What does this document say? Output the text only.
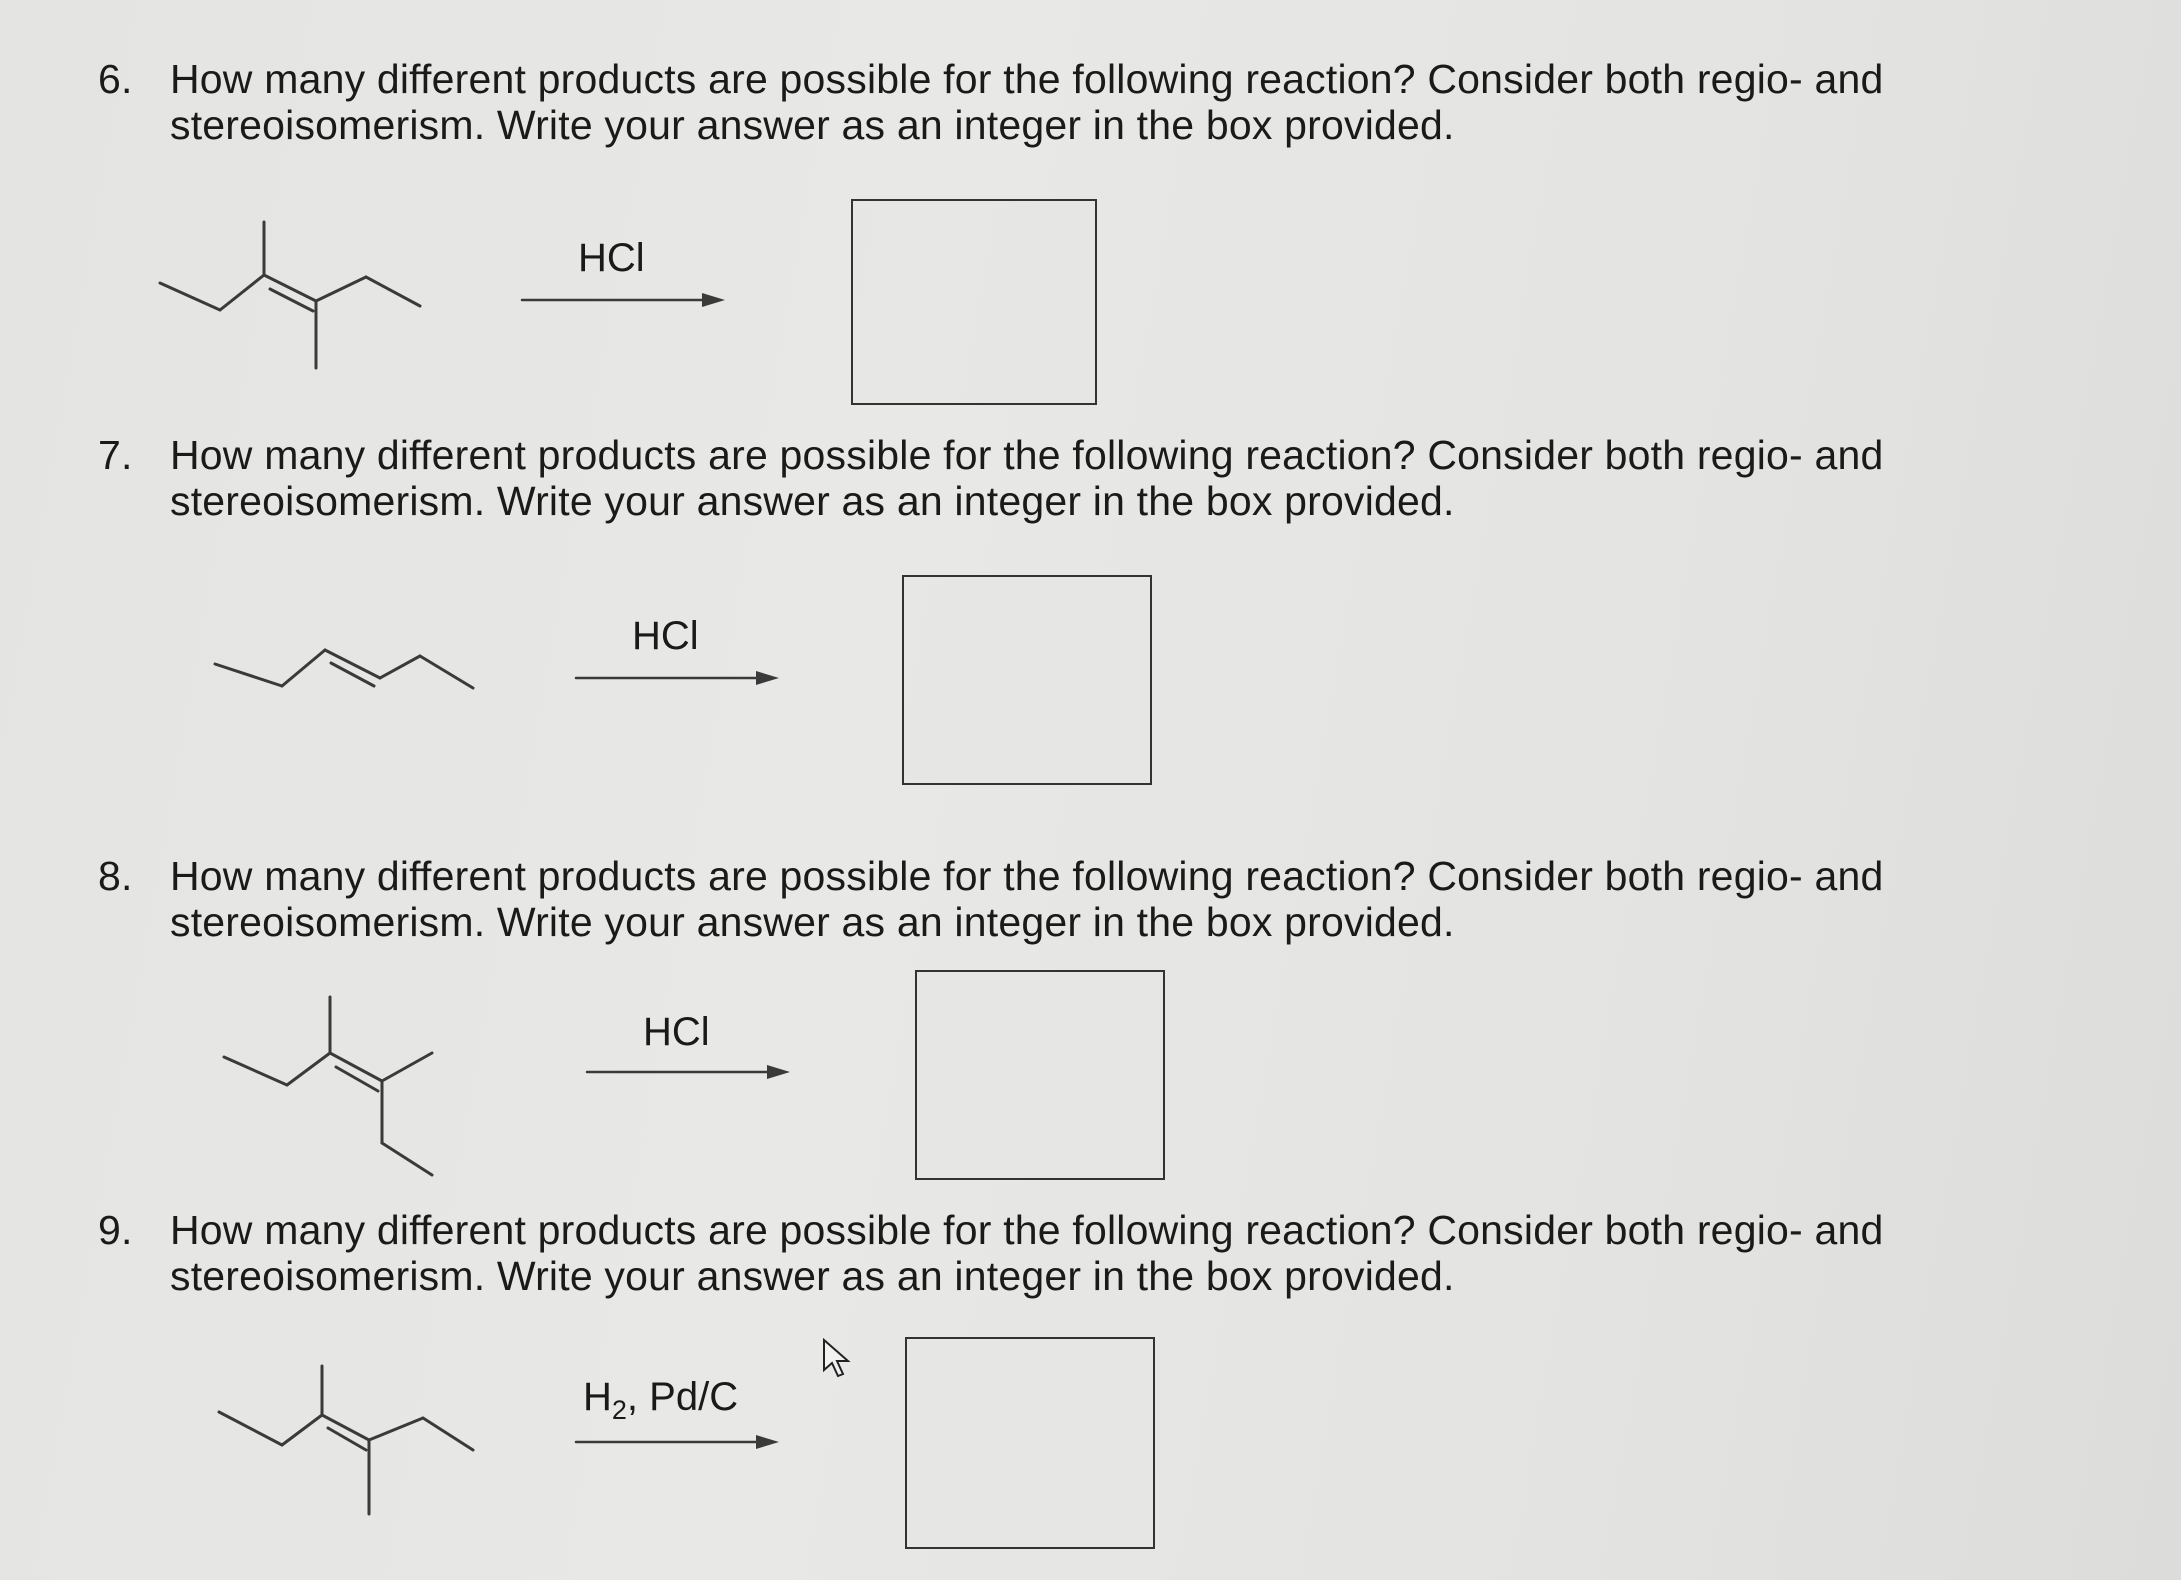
6. How many different products are possible for the following reaction? Consider both regio- and
stereoisomerism. Write your answer as an integer in the box provided.
HCl
7. How many different products are possible for the following reaction? Consider both regio- and
stereoisomerism. Write your answer as an integer in the box provided.
HCl
8. How many different products are possible for the following reaction? Consider both regio- and
stereoisomerism. Write your answer as an integer in the box provided.
HCl
9. How many different products are possible for the following reaction? Consider both regio- and
stereoisomerism. Write your answer as an integer in the box provided.
$H_2$, Pd/C
